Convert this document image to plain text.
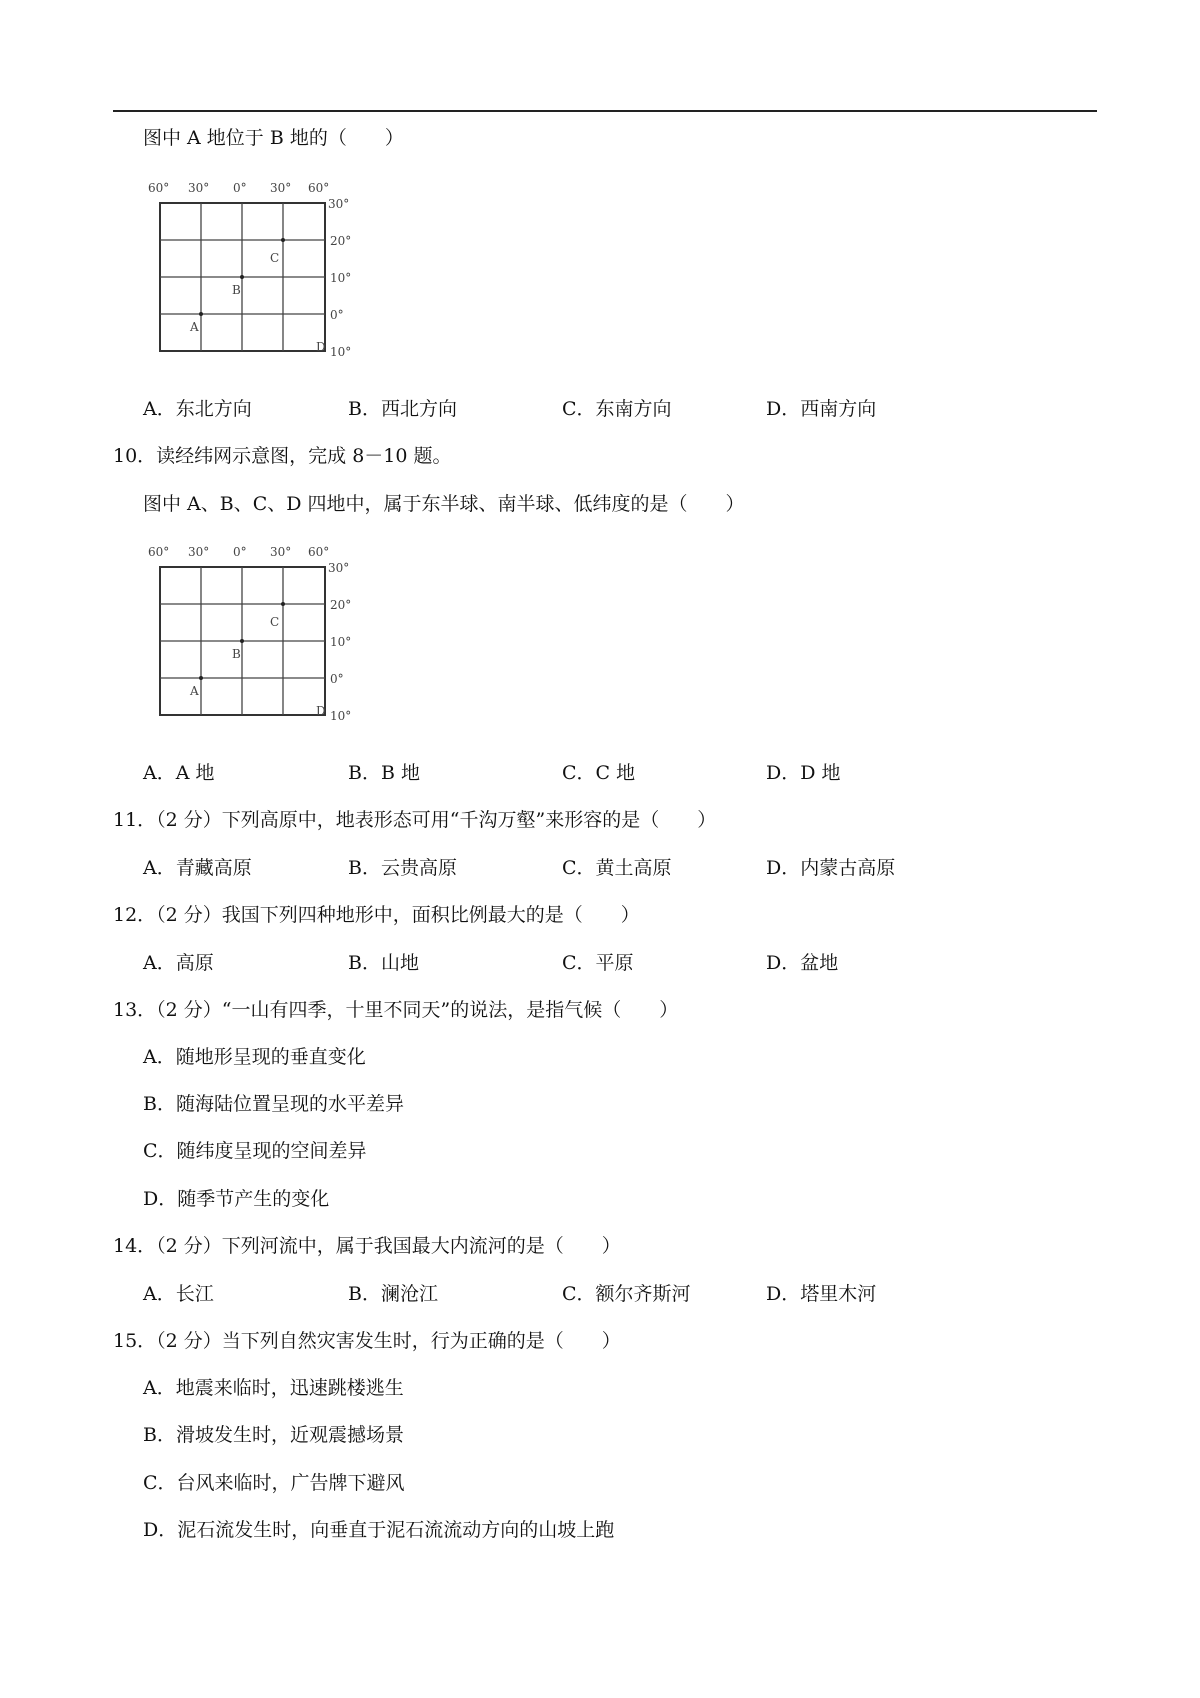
图中 A 地位于 B 地的（　　）
60° 30° 0° 30° 60°
30°
20°
10°
0°
10°
C
B
A
D
A．东北方向	B．西北方向	C．东南方向	D．西南方向
10．读经纬网示意图，完成 8－10 题。
图中 A、B、C、D 四地中，属于东半球、南半球、低纬度的是（　　）
60° 30° 0° 30° 60°
30°
20°
10°
0°
10°
C
B
A
D
A．A 地	B．B 地	C．C 地	D．D 地
11．（2 分）下列高原中，地表形态可用“千沟万壑”来形容的是（　　）
A．青藏高原	B．云贵高原	C．黄土高原	D．内蒙古高原
12．（2 分）我国下列四种地形中，面积比例最大的是（　　）
A．高原	B．山地	C．平原	D．盆地
13．（2 分）“一山有四季，十里不同天”的说法，是指气候（　　）
A．随地形呈现的垂直变化
B．随海陆位置呈现的水平差异
C．随纬度呈现的空间差异
D．随季节产生的变化
14．（2 分）下列河流中，属于我国最大内流河的是（　　）
A．长江	B．澜沧江	C．额尔齐斯河	D．塔里木河
15．（2 分）当下列自然灾害发生时，行为正确的是（　　）
A．地震来临时，迅速跳楼逃生
B．滑坡发生时，近观震撼场景
C．台风来临时，广告牌下避风
D．泥石流发生时，向垂直于泥石流流动方向的山坡上跑
